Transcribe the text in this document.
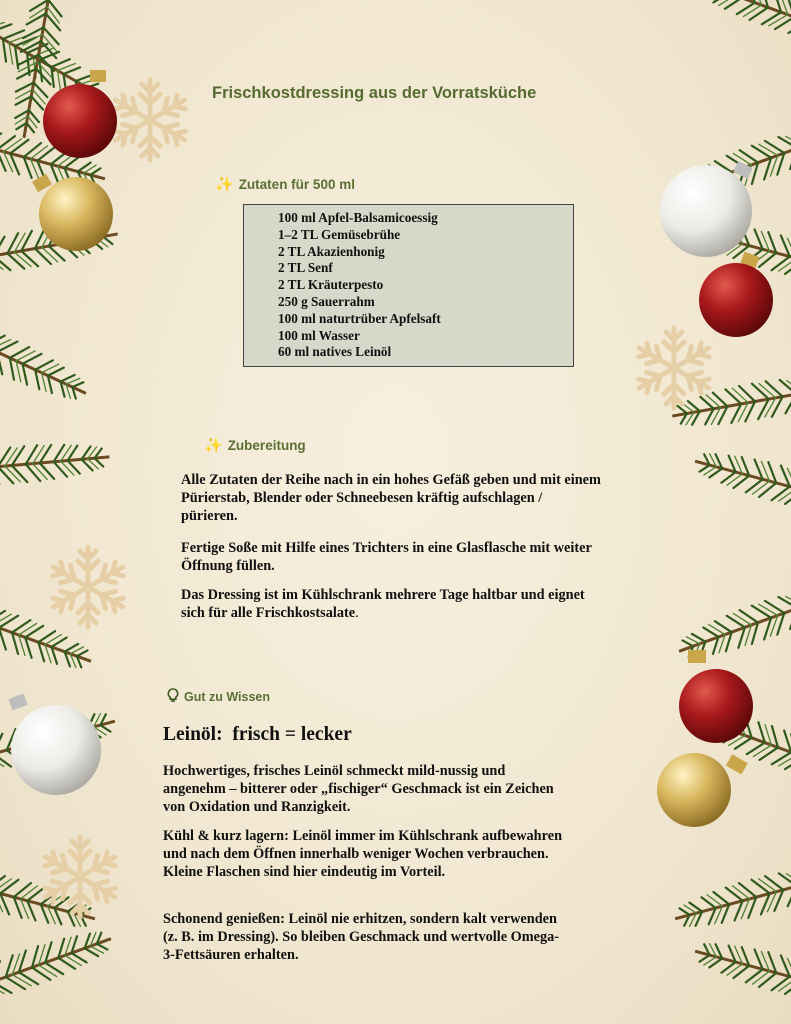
Frischkostdressing aus der Vorratsküche
✨ Zutaten für 500 ml
100 ml Apfel-Balsamicoessig
1–2 TL Gemüsebrühe
2 TL Akazienhonig
2 TL Senf
2 TL Kräuterpesto
250 g Sauerrahm
100 ml naturtrüber Apfelsaft
100 ml Wasser
60 ml natives Leinöl
✨ Zubereitung

Alle Zutaten der Reihe nach in ein hohes Gefäß geben und mit einem Pürierstab, Blender oder Schneebesen kräftig aufschlagen / pürieren.

Fertige Soße mit Hilfe eines Trichters in eine Glasflasche mit weiter Öffnung füllen.

Das Dressing ist im Kühlschrank mehrere Tage haltbar und eignet sich für alle Frischkostsalate.

Gut zu Wissen
Leinöl:  frisch = lecker

Hochwertiges, frisches Leinöl schmeckt mild-nussig und angenehm – bitterer oder „fischiger“ Geschmack ist ein Zeichen von Oxidation und Ranzigkeit.

Kühl & kurz lagern: Leinöl immer im Kühlschrank aufbewahren und nach dem Öffnen innerhalb weniger Wochen verbrauchen. Kleine Flaschen sind hier eindeutig im Vorteil.

Schonend genießen: Leinöl nie erhitzen, sondern kalt verwenden (z. B. im Dressing). So bleiben Geschmack und wertvolle Omega-3-Fettsäuren erhalten.
